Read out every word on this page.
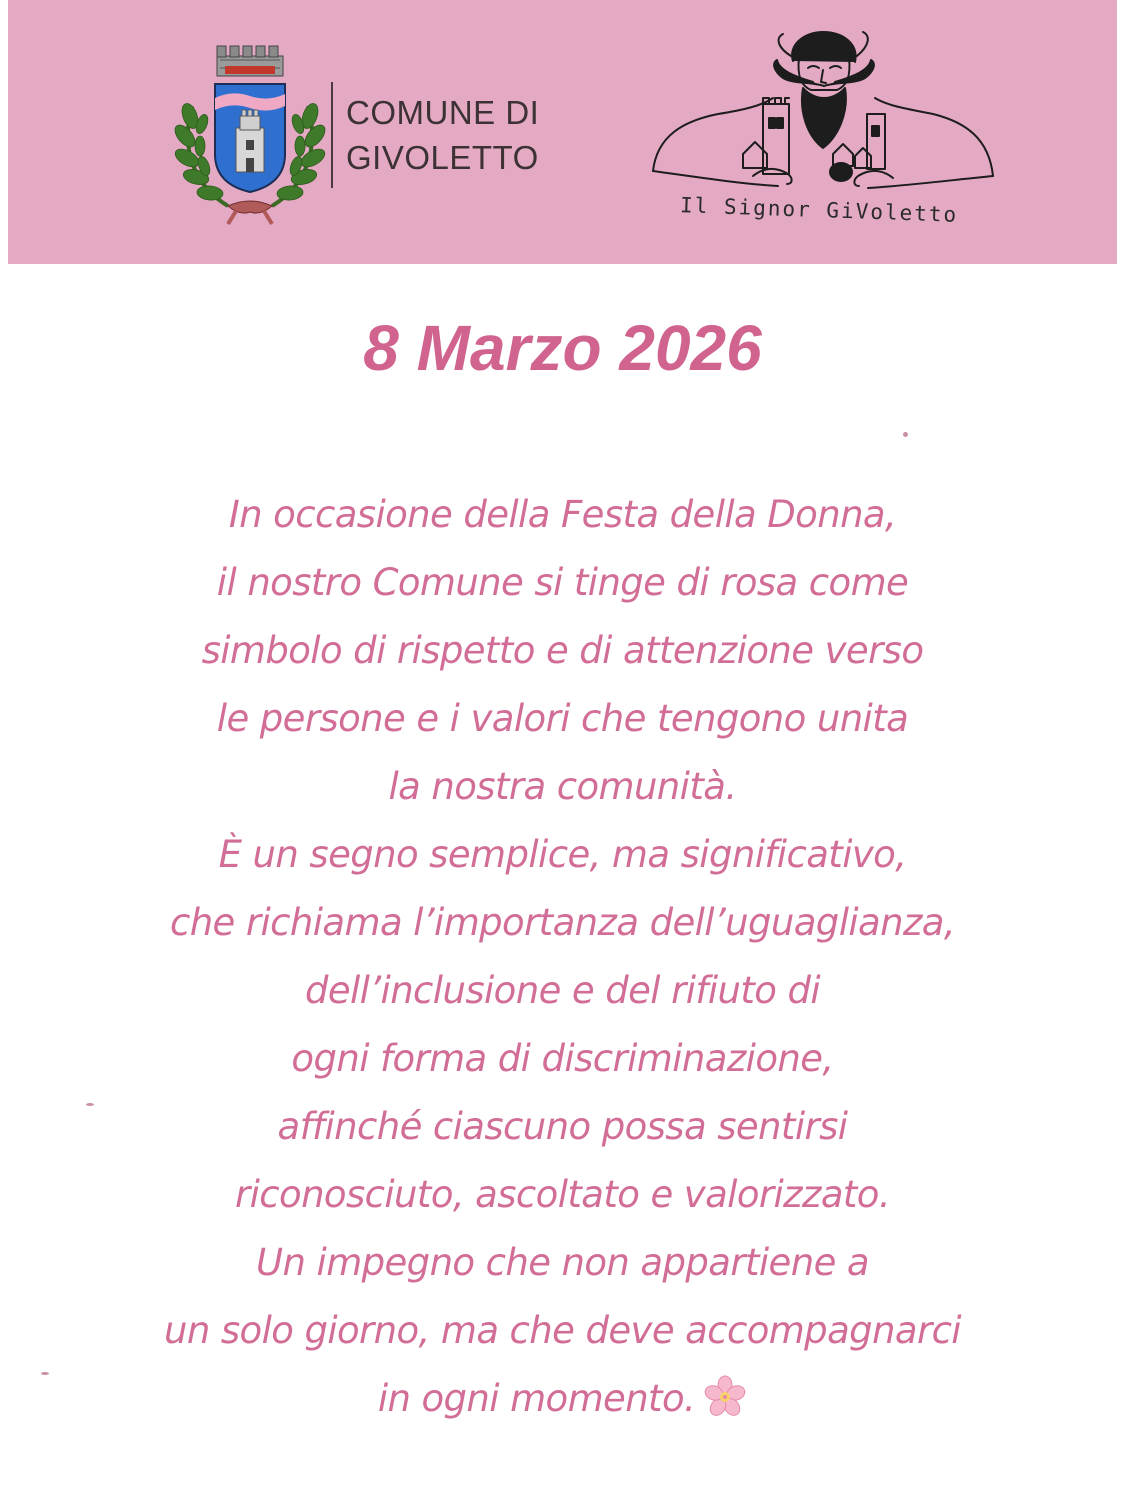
COMUNE DI
GIVOLETTO
Il Signor GiVoletto
8 Marzo 2026
In occasione della Festa della Donna,
il nostro Comune si tinge di rosa come
simbolo di rispetto e di attenzione verso
le persone e i valori che tengono unita
la nostra comunità.
È un segno semplice, ma significativo,
che richiama l’importanza dell’uguaglianza,
dell’inclusione e del rifiuto di
ogni forma di discriminazione,
affinché ciascuno possa sentirsi
riconosciuto, ascoltato e valorizzato.
Un impegno che non appartiene a
un solo giorno, ma che deve accompagnarci
in ogni momento.
